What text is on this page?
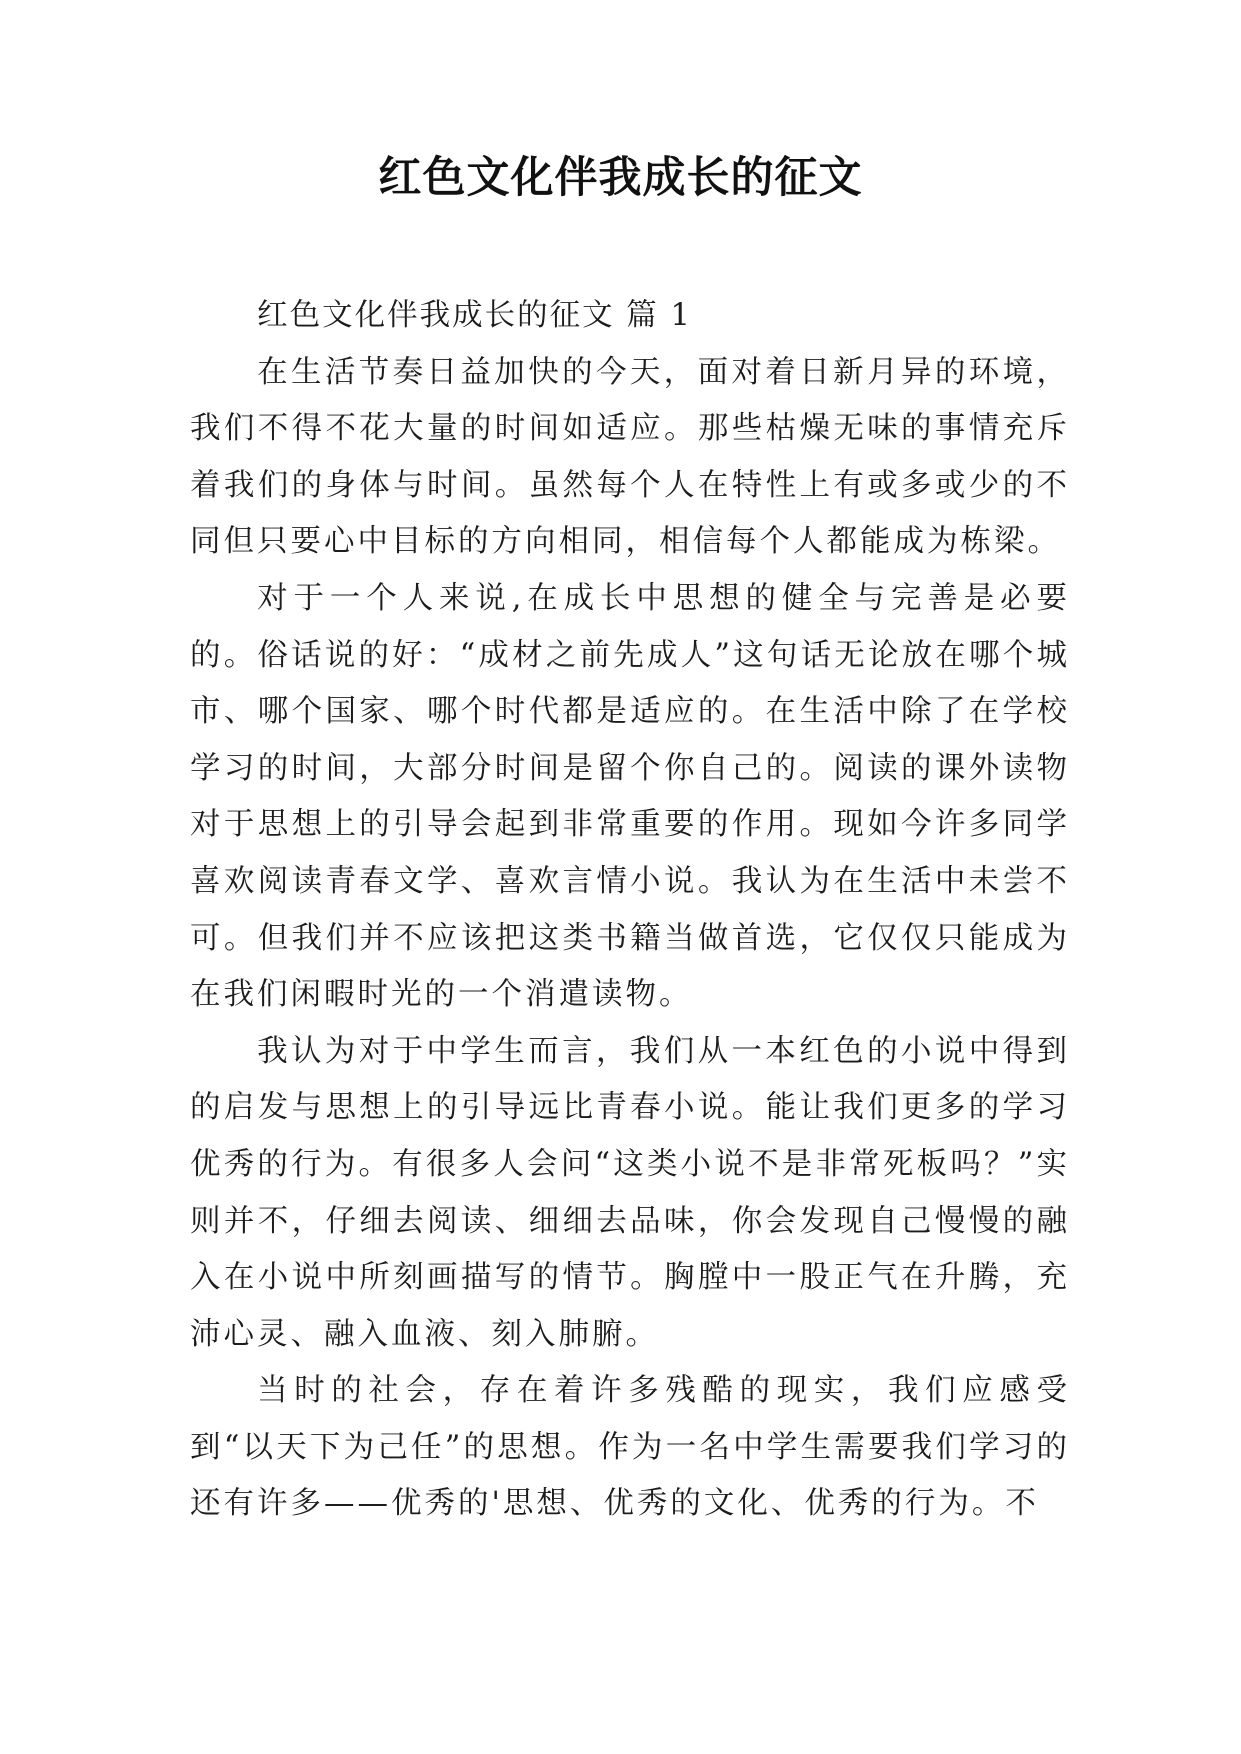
红色文化伴我成长的征文

红色文化伴我成长的征文 篇 1

在生活节奏日益加快的今天，面对着日新月异的环境，我们不得不花大量的时间如适应。那些枯燥无味的事情充斥着我们的身体与时间。虽然每个人在特性上有或多或少的不同但只要心中目标的方向相同，相信每个人都能成为栋梁。

对于一个人来说,在成长中思想的健全与完善是必要的。俗话说的好：“成材之前先成人”这句话无论放在哪个城市、哪个国家、哪个时代都是适应的。在生活中除了在学校学习的时间，大部分时间是留个你自己的。阅读的课外读物对于思想上的引导会起到非常重要的作用。现如今许多同学喜欢阅读青春文学、喜欢言情小说。我认为在生活中未尝不可。但我们并不应该把这类书籍当做首选，它仅仅只能成为在我们闲暇时光的一个消遣读物。

我认为对于中学生而言，我们从一本红色的小说中得到的启发与思想上的引导远比青春小说。能让我们更多的学习优秀的行为。有很多人会问“这类小说不是非常死板吗？”实则并不，仔细去阅读、细细去品味，你会发现自己慢慢的融入在小说中所刻画描写的情节。胸膛中一股正气在升腾，充沛心灵、融入血液、刻入肺腑。

当时的社会，存在着许多残酷的现实，我们应感受到“以天下为己任”的思想。作为一名中学生需要我们学习的还有许多——优秀的'思想、优秀的文化、优秀的行为。不
